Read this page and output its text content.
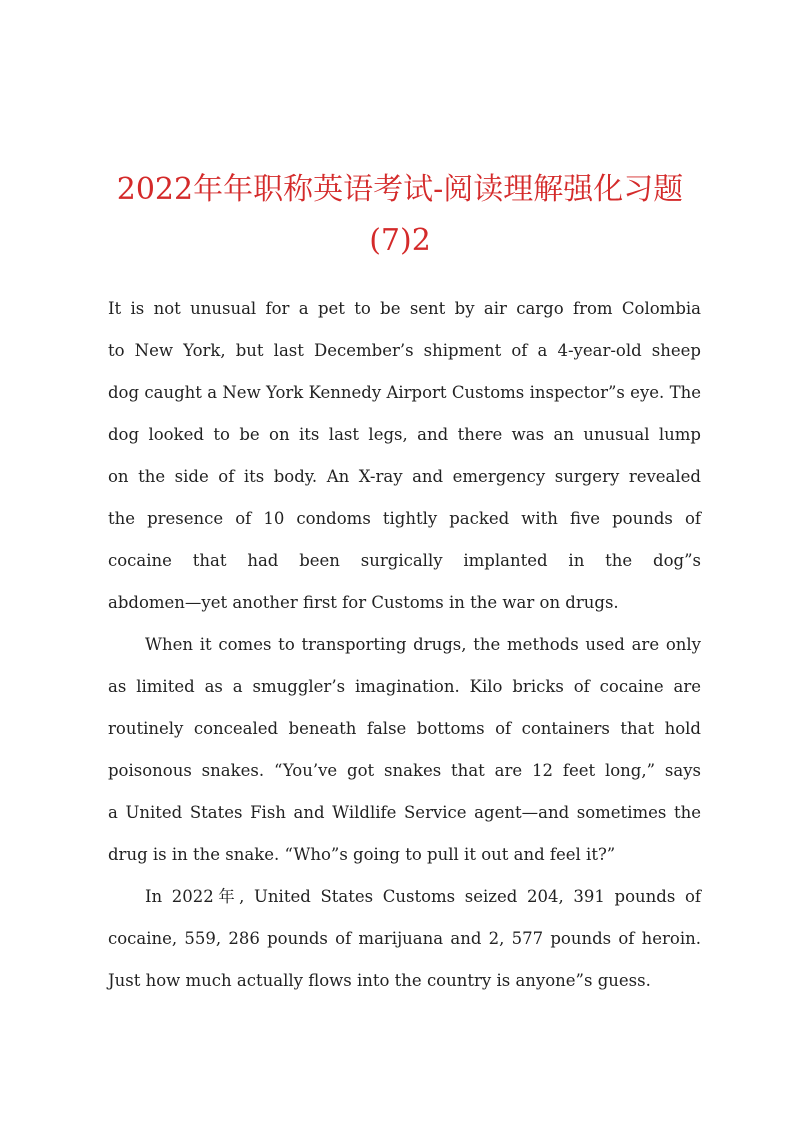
2022年年职称英语考试-阅读理解强化习题
(7)2

It is not unusual for a pet to be sent by air cargo from Colombia
to New York, but last December’s shipment of a 4-year-old sheep
dog caught a New York Kennedy Airport Customs inspector”s eye. The
dog looked to be on its last legs, and there was an unusual lump
on the side of its body. An X-ray and emergency surgery revealed
the presence of 10 condoms tightly packed with five pounds of
cocaine that had been surgically implanted in the dog”s
abdomen—yet another first for Customs in the war on drugs.

When it comes to transporting drugs, the methods used are only
as limited as a smuggler’s imagination. Kilo bricks of cocaine are
routinely concealed beneath false bottoms of containers that hold
poisonous snakes. “You’ve got snakes that are 12 feet long,” says
a United States Fish and Wildlife Service agent—and sometimes the
drug is in the snake. “Who”s going to pull it out and feel it?”

In 2022年, United States Customs seized 204, 391 pounds of
cocaine, 559, 286 pounds of marijuana and 2, 577 pounds of heroin.
Just how much actually flows into the country is anyone”s guess.
